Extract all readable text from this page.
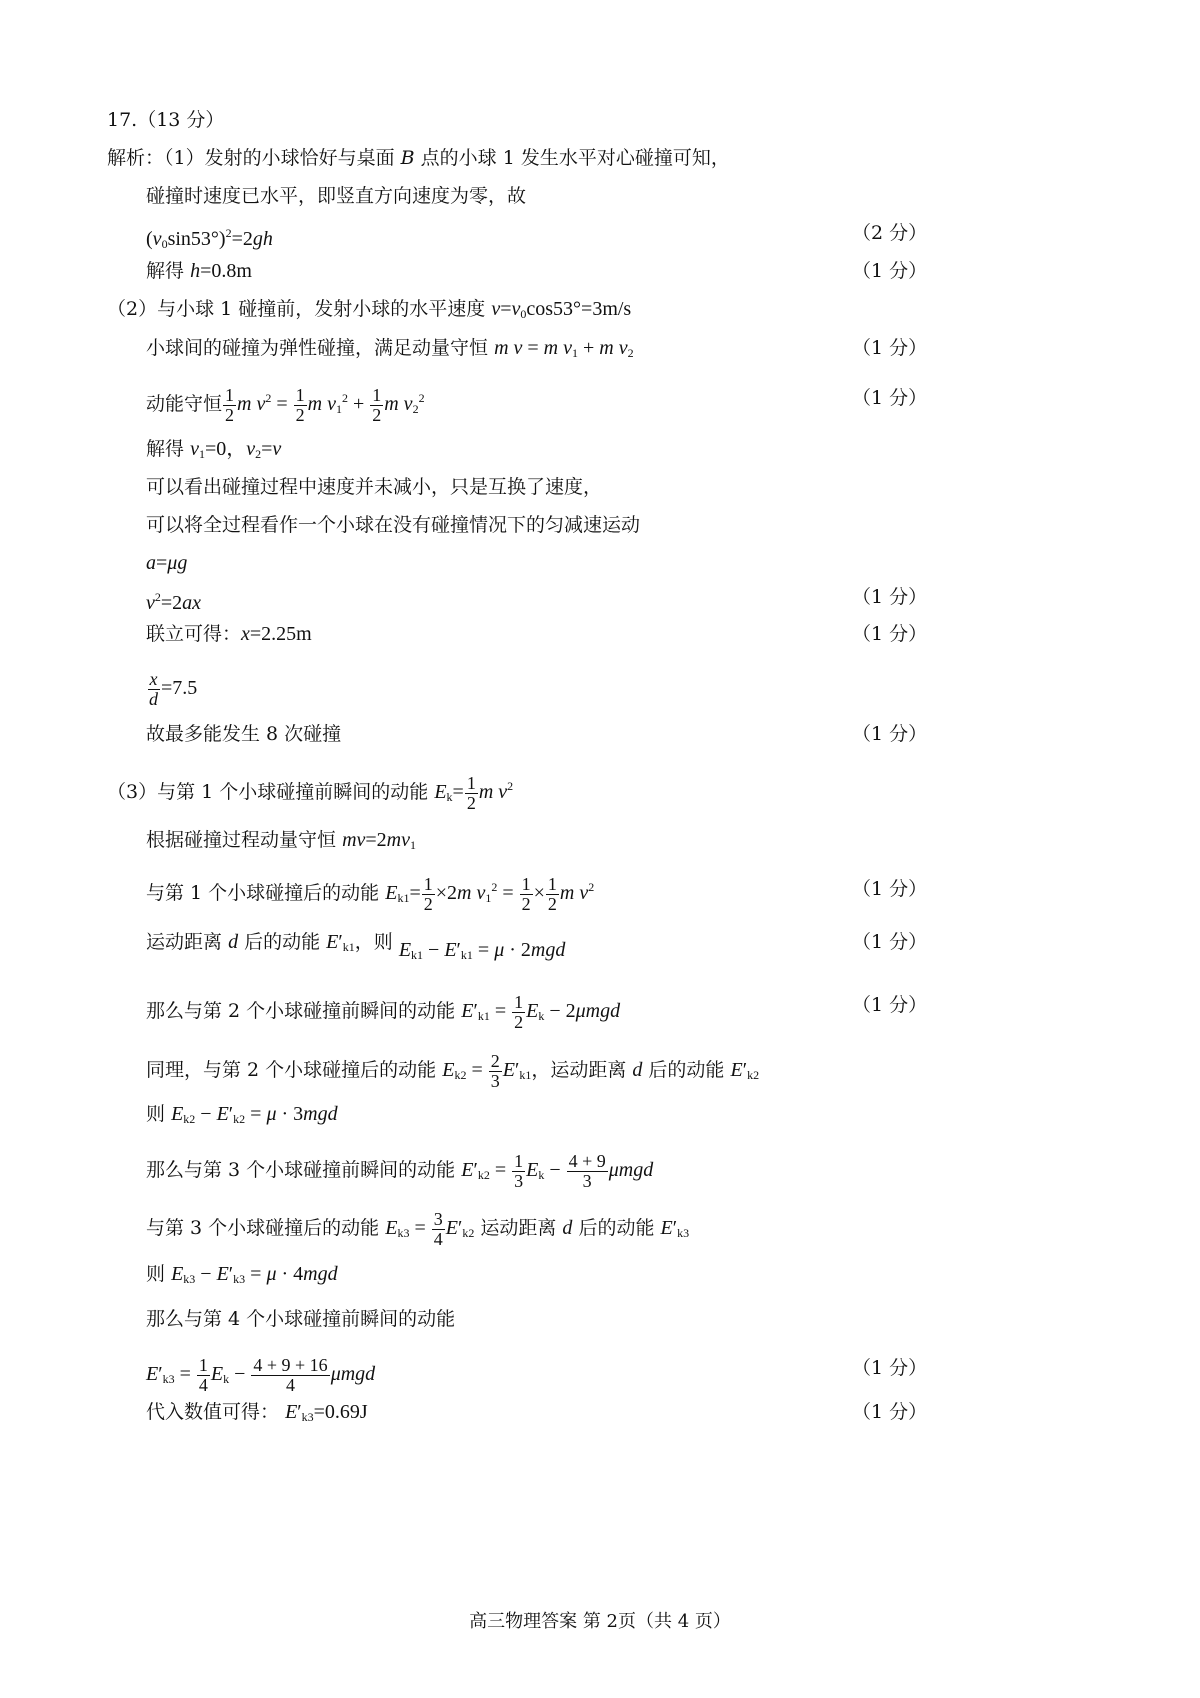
17.（13 分）
解析：（1）发射的小球恰好与桌面 B 点的小球 1 发生水平对心碰撞可知，
碰撞时速度已水平，即竖直方向速度为零，故
$(v_0\sin 53^\circ)^2=2gh$	（2 分）
解得 h=0.8m	（1 分）
（2）与小球 1 碰撞前，发射小球的水平速度 $v=v_0\cos 53^\circ=3m/s$
小球间的碰撞为弹性碰撞，满足动量守恒 m v = m $v_1 + m$ $v_2$	（1 分）
动能守恒 $\frac{1}{2}$ m $v^2 = \frac{1}{2}$ m $v_1^2 + \frac{1}{2}$ m $v_2^2$	（1 分）
解得 $v_1=0$，$v_2=v$
可以看出碰撞过程中速度并未减小，只是互换了速度，
可以将全过程看作一个小球在没有碰撞情况下的匀减速运动
a=μg
$v^2=2ax$	（1 分）
联立可得：x=2.25m	（1 分）
$\frac{x}{d} =7.5$
故最多能发生 8 次碰撞	（1 分）
（3）与第 1 个小球碰撞前瞬间的动能 $E_k= \frac{1}{2}$ m $v^2$
根据碰撞过程动量守恒 $mv=2mv_1$
与第 1 个小球碰撞后的动能 $E_{k1}= \frac{1}{2} \times 2m$ $v_1^2 = \frac{1}{2} \times \frac{1}{2}$ m $v^2$	（1 分）
运动距离 d 后的动能 $E'_{k1}$，则 $E_{k1} - E'_{k1} = \mu \cdot 2mgd$	（1 分）
那么与第 2 个小球碰撞前瞬间的动能 $E'_{k1} = \frac{1}{2} E_k - 2\mu mgd$	（1 分）
同理，与第 2 个小球碰撞后的动能 $E_{k2} = \frac{2}{3} E'_{k1}$，运动距离 d 后的动能 $E'_{k2}$
则 $E_{k2} - E'_{k2} = \mu \cdot 3mgd$
那么与第 3 个小球碰撞前瞬间的动能 $E'_{k2} = \frac{1}{3} E_k - \frac{4 + 9}{3}$ μmgd
与第 3 个小球碰撞后的动能 $E_{k3} = \frac{3}{4} E'_{k2}$ 运动距离 d 后的动能 $E'_{k3}$
则 $E_{k3} - E'_{k3} = \mu \cdot 4mgd$
那么与第 4 个小球碰撞前瞬间的动能
$E'_{k3} = \frac{1}{4} E_k - \frac{4 + 9 + 16}{4}$ μmgd	（1 分）
代入数值可得： $E'_{k3}=0.69J$	（1 分）
高三物理答案 第 2页（共 4 页）
